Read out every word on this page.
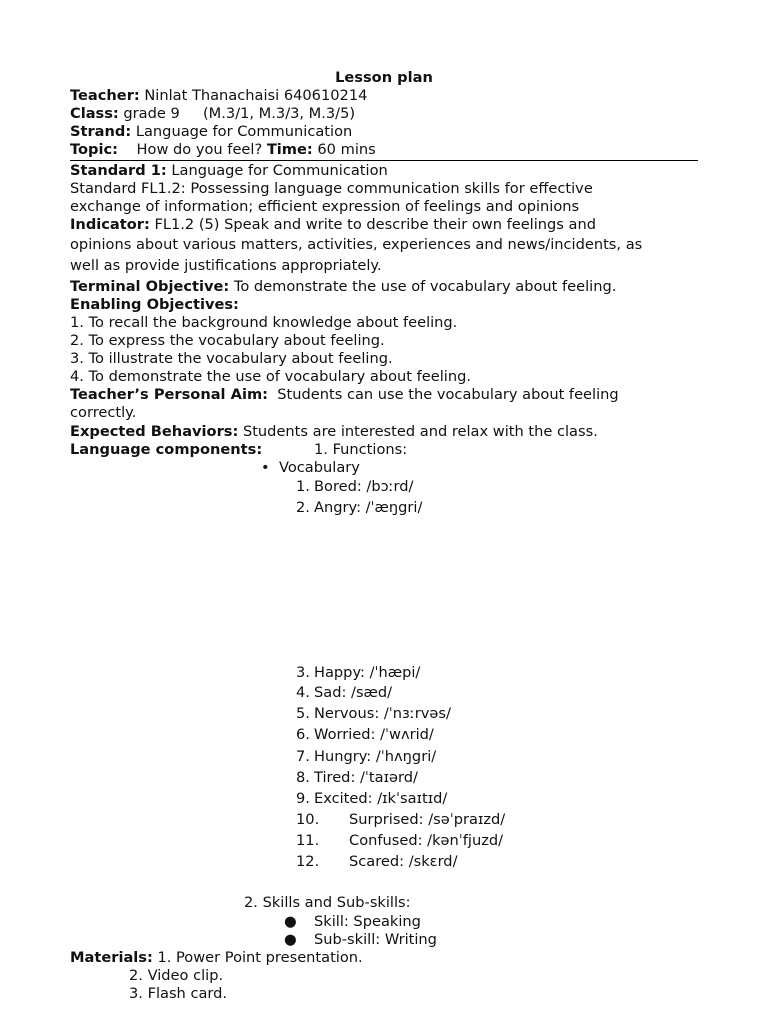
Lesson plan
Teacher: Ninlat Thanachaisi 640610214
Class: grade 9     (M.3/1, M.3/3, M.3/5)
Strand: Language for Communication
Topic:    How do you feel? Time: 60 mins
Standard 1: Language for Communication
Standard FL1.2: Possessing language communication skills for effective
exchange of information; efficient expression of feelings and opinions
Indicator: FL1.2 (5) Speak and write to describe their own feelings and
opinions about various matters, activities, experiences and news/incidents, as
well as provide justifications appropriately.
Terminal Objective: To demonstrate the use of vocabulary about feeling.
Enabling Objectives:
1. To recall the background knowledge about feeling.
2. To express the vocabulary about feeling.
3. To illustrate the vocabulary about feeling.
4. To demonstrate the use of vocabulary about feeling.
Teacher’s Personal Aim:  Students can use the vocabulary about feeling
correctly.
Expected Behaviors: Students are interested and relax with the class.
Language components:	1. Functions:
• Vocabulary
1. Bored: /bɔːrd/
2. Angry: /ˈæŋgri/
3. Happy: /ˈhæpi/
4. Sad: /sæd/
5. Nervous: /ˈnɜːrvəs/
6. Worried: /ˈwʌrid/
7. Hungry: /ˈhʌŋgri/
8. Tired: /ˈtaɪərd/
9. Excited: /ɪkˈsaɪtɪd/
10. Surprised: /səˈpraɪzd/
11. Confused: /kənˈfjuzd/
12. Scared: /skɛrd/
2. Skills and Sub-skills:
● Skill: Speaking
● Sub-skill: Writing
Materials: 1. Power Point presentation.
2. Video clip.
3. Flash card.
